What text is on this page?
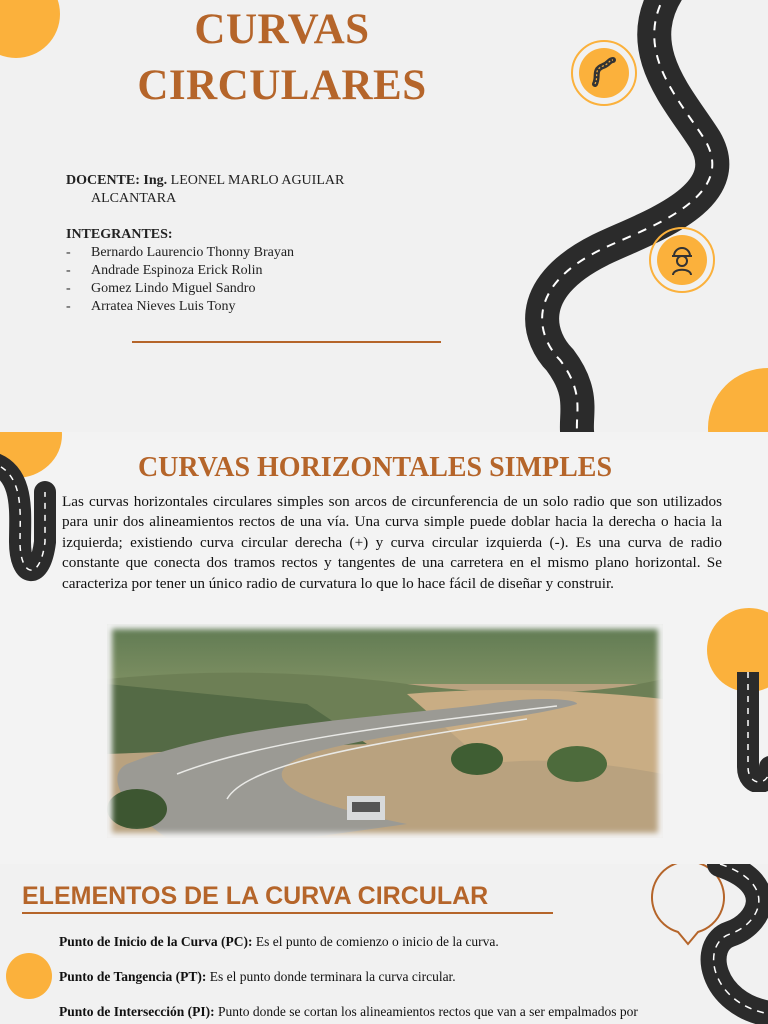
CURVAS
CIRCULARES
DOCENTE: Ing. LEONEL MARLO AGUILAR
ALCANTARA
INTEGRANTES:
- Bernardo Laurencio Thonny Brayan
- Andrade Espinoza Erick Rolin
- Gomez Lindo Miguel Sandro
- Arratea Nieves Luis Tony
CURVAS HORIZONTALES SIMPLES

Las curvas horizontales circulares simples son arcos de circunferencia de un solo radio que son utilizados para unir dos alineamientos rectos de una vía. Una curva simple puede doblar hacia la derecha o hacia la izquierda; existiendo curva circular derecha (+) y curva circular izquierda (-). Es una curva de radio constante que conecta dos tramos rectos y tangentes de una carretera en el mismo plano horizontal. Se caracteriza por tener un único radio de curvatura lo que lo hace fácil de diseñar y construir.

ELEMENTOS DE LA CURVA CIRCULAR
Punto de Inicio de la Curva (PC): Es el punto de comienzo o inicio de la curva.
Punto de Tangencia (PT): Es el punto donde terminara la curva circular.
Punto de Intersección (PI): Punto donde se cortan los alineamientos rectos que van a ser empalmados por
